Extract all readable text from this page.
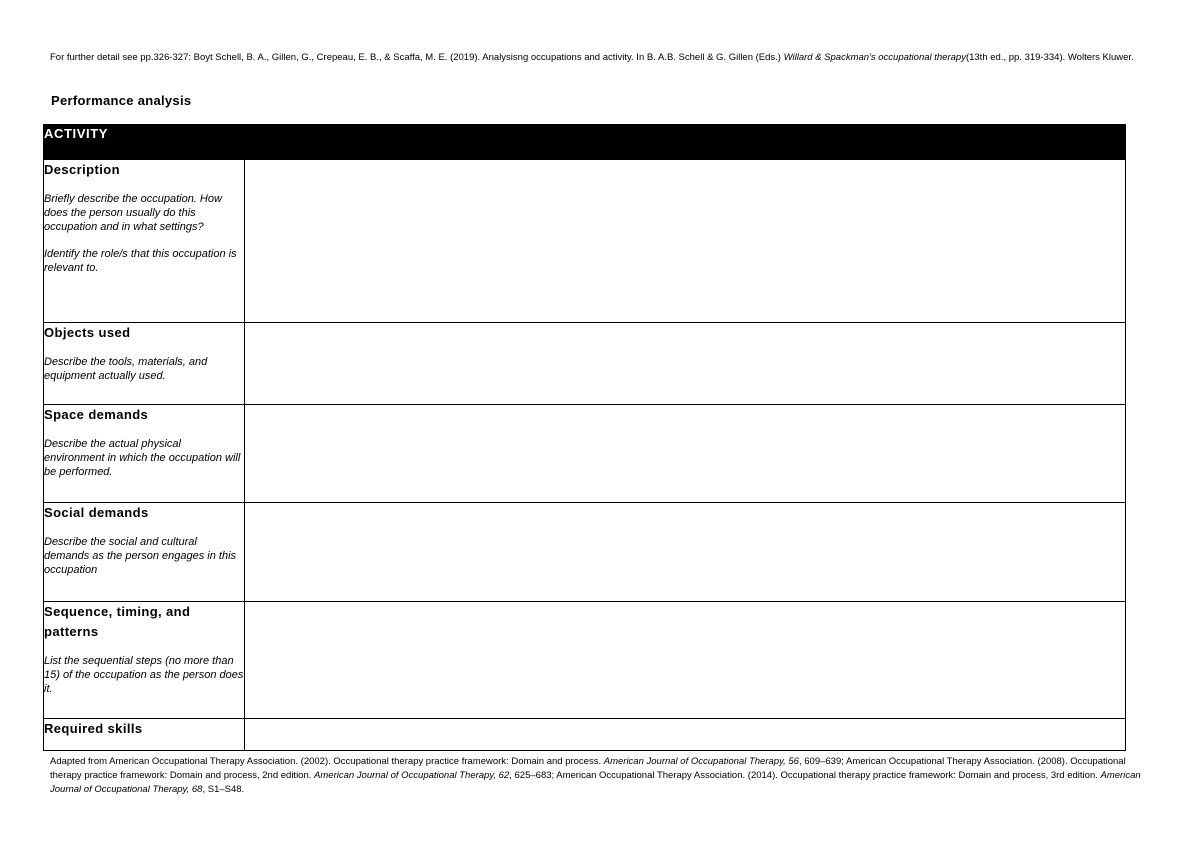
For further detail see pp.326-327: Boyt Schell, B. A., Gillen, G., Crepeau, E. B., & Scaffa, M. E. (2019). Analysisng occupations and activity. In B. A.B. Schell & G. Gillen (Eds.) Willard & Spackman's occupational therapy(13th ed., pp. 319-334). Wolters Kluwer.
Performance analysis
ACTIVITY	

Description
Briefly describe the occupation. How does the person usually do this occupation and in what settings?
Identify the role/s that this occupation is relevant to.	

Objects used
Describe the tools, materials, and equipment actually used.	

Space demands
Describe the actual physical environment in which the occupation will be performed.	

Social demands
Describe the social and cultural demands as the person engages in this occupation	

Sequence, timing, and patterns
List the sequential steps (no more than 15) of the occupation as the person does it.	

Required skills	

Adapted from American Occupational Therapy Association. (2002). Occupational therapy practice framework: Domain and process. American Journal of Occupational Therapy, 56, 609–639; American Occupational Therapy Association. (2008). Occupational therapy practice framework: Domain and process, 2nd edition. American Journal of Occupational Therapy, 62, 625–683; American Occupational Therapy Association. (2014). Occupational therapy practice framework: Domain and process, 3rd edition. American Journal of Occupational Therapy, 68, S1–S48.
